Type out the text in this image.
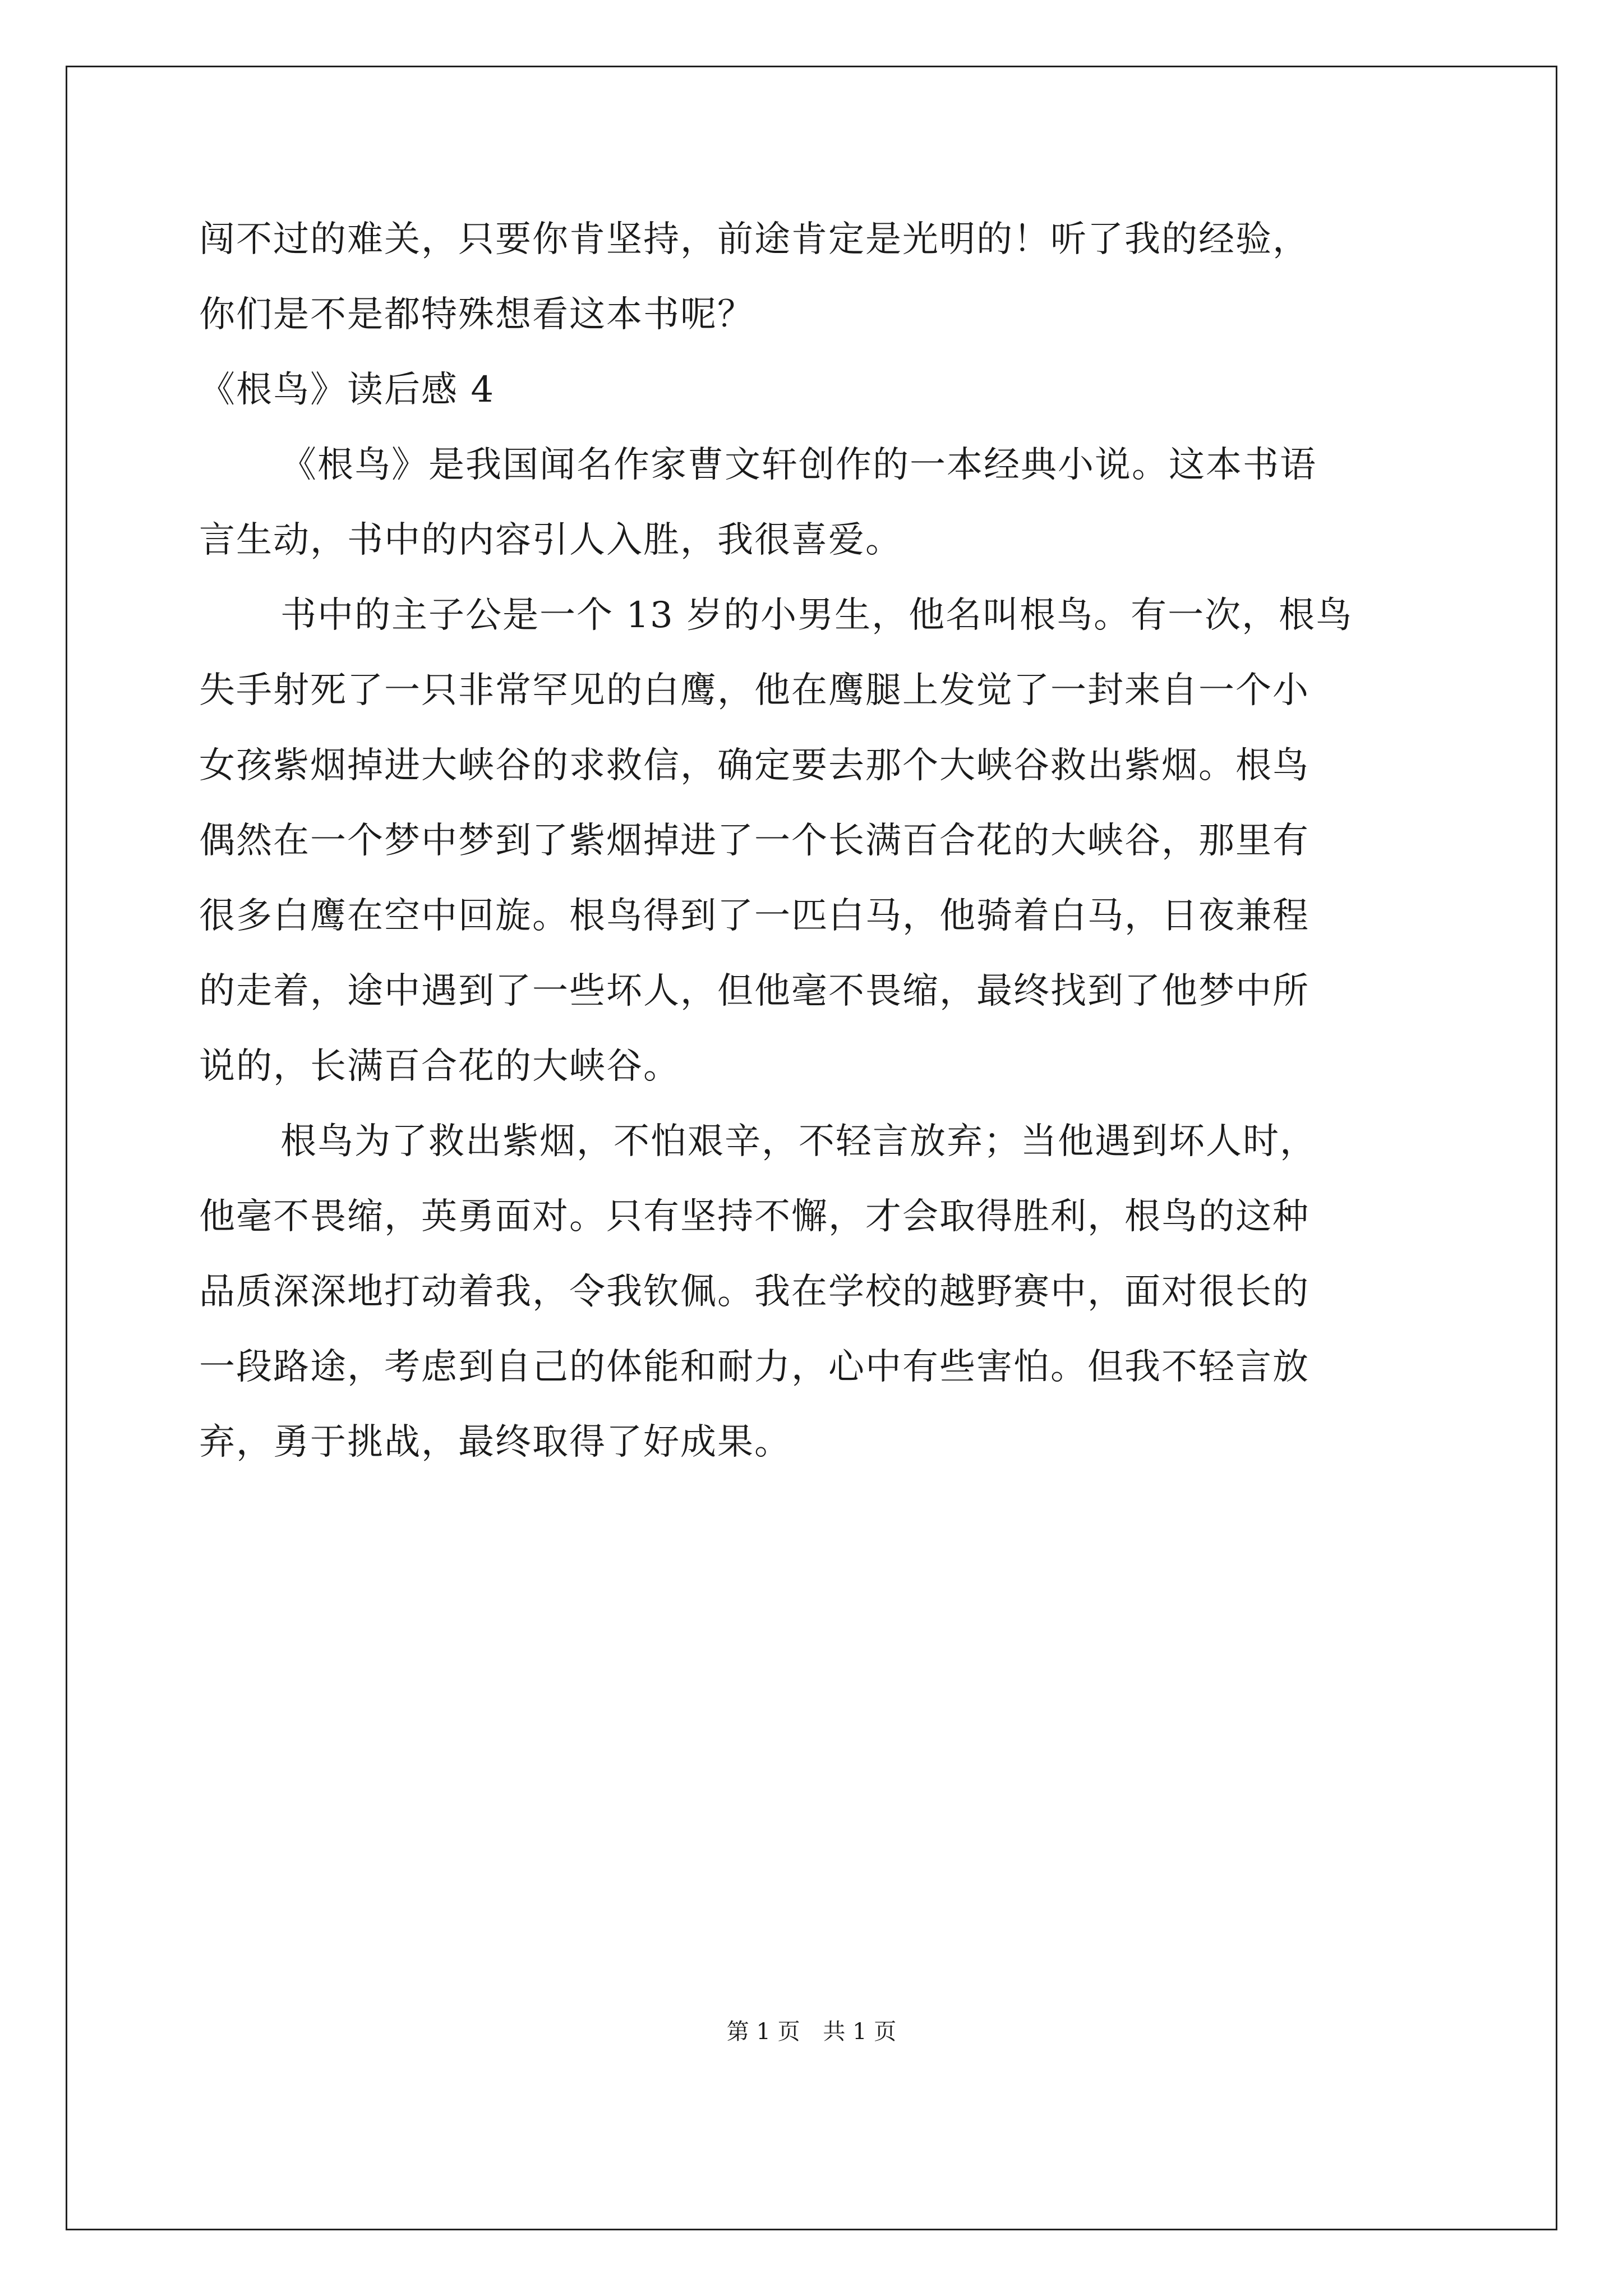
闯不过的难关，只要你肯坚持，前途肯定是光明的！听了我的经验，

你们是不是都特殊想看这本书呢？

《根鸟》读后感 4

《根鸟》是我国闻名作家曹文轩创作的一本经典小说。这本书语

言生动，书中的内容引人入胜，我很喜爱。

书中的主子公是一个 13 岁的小男生，他名叫根鸟。有一次，根鸟

失手射死了一只非常罕见的白鹰，他在鹰腿上发觉了一封来自一个小

女孩紫烟掉进大峡谷的求救信，确定要去那个大峡谷救出紫烟。根鸟

偶然在一个梦中梦到了紫烟掉进了一个长满百合花的大峡谷，那里有

很多白鹰在空中回旋。根鸟得到了一匹白马，他骑着白马，日夜兼程

的走着，途中遇到了一些坏人，但他毫不畏缩，最终找到了他梦中所

说的，长满百合花的大峡谷。

根鸟为了救出紫烟，不怕艰辛，不轻言放弃；当他遇到坏人时，

他毫不畏缩，英勇面对。只有坚持不懈，才会取得胜利，根鸟的这种

品质深深地打动着我，令我钦佩。我在学校的越野赛中，面对很长的

一段路途，考虑到自己的体能和耐力，心中有些害怕。但我不轻言放

弃，勇于挑战，最终取得了好成果。

第 1 页 共 1 页
